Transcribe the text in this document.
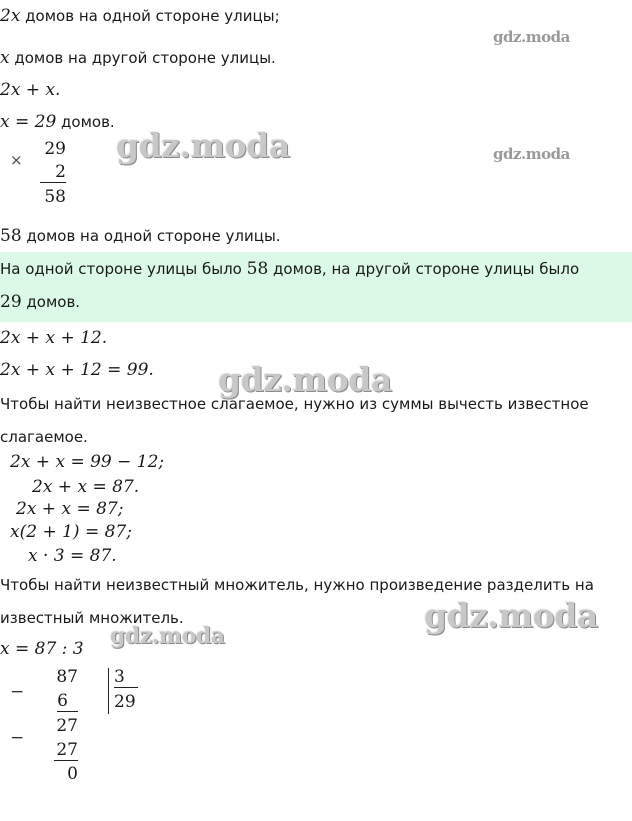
2x домов на одной стороне улицы;
x домов на другой стороне улицы.
2x + x.
x = 29 домов.
×
29
2
58
58 домов на одной стороне улицы.
На одной стороне улицы было 58 домов, на другой стороне улицы было
29 домов.
2x + x + 12.
2x + x + 12 = 99.
Чтобы найти неизвестное слагаемое, нужно из суммы вычесть известное
слагаемое.
2x + x = 99 − 12;
2x + x = 87.
2x + x = 87;
x(2 + 1) = 87;
x · 3 = 87.
Чтобы найти неизвестный множитель, нужно произведение разделить на
известный множитель.
x = 87 : 3
−
−
87
6
27
27
0
3
29
gdz.moda
gdz.moda	gdz.moda
gdz.moda
gdz.moda
gdz.moda
